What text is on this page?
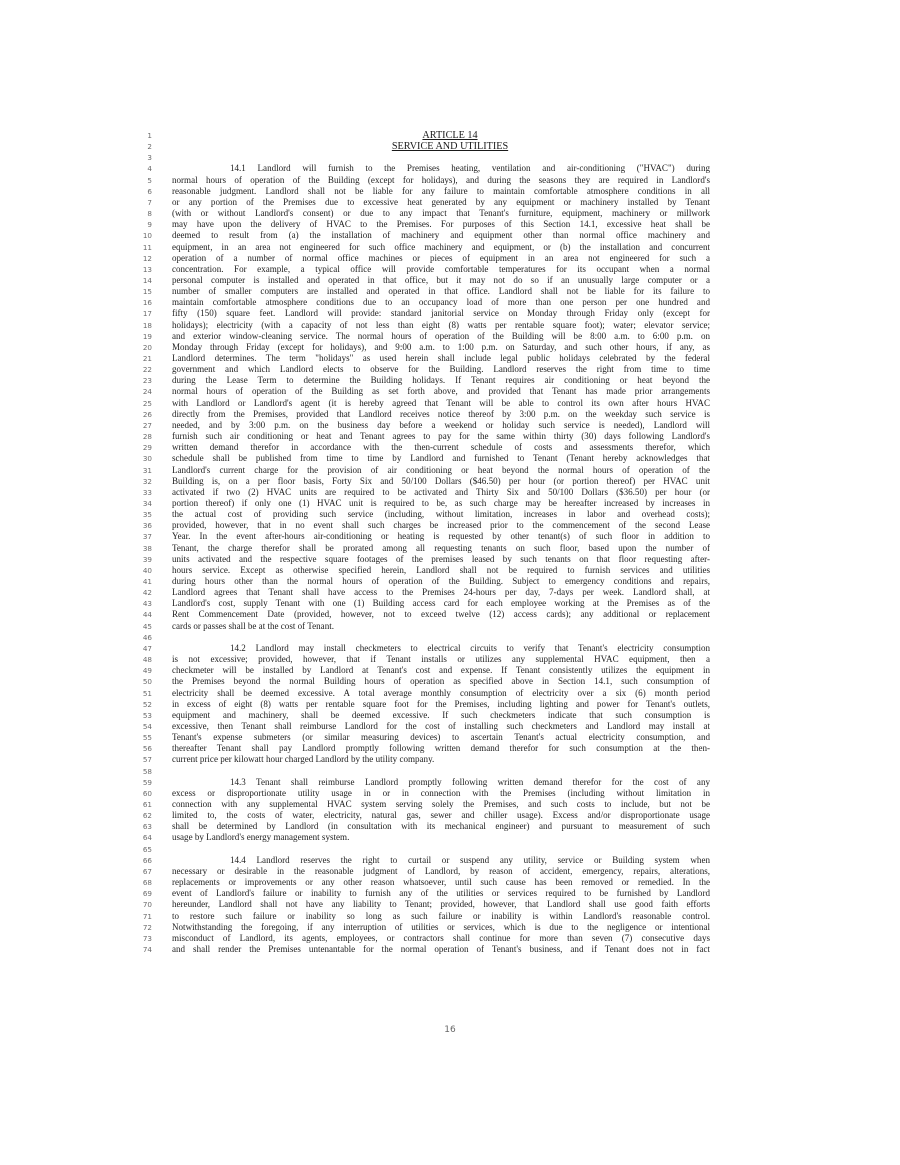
1	ARTICLE 14
2	SERVICE AND UTILITIES
3
4	14.1 Landlord will furnish to the Premises heating, ventilation and air-conditioning ("HVAC") during
5 normal hours of operation of the Building (except for holidays), and during the seasons they are required in Landlord's
6 reasonable judgment. Landlord shall not be liable for any failure to maintain comfortable atmosphere conditions in all
7 or any portion of the Premises due to excessive heat generated by any equipment or machinery installed by Tenant
8 (with or without Landlord's consent) or due to any impact that Tenant's furniture, equipment, machinery or millwork
9 may have upon the delivery of HVAC to the Premises. For purposes of this Section 14.1, excessive heat shall be
10 deemed to result from (a) the installation of machinery and equipment other than normal office machinery and
11 equipment, in an area not engineered for such office machinery and equipment, or (b) the installation and concurrent
12 operation of a number of normal office machines or pieces of equipment in an area not engineered for such a
13 concentration. For example, a typical office will provide comfortable temperatures for its occupant when a normal
14 personal computer is installed and operated in that office, but it may not do so if an unusually large computer or a
15 number of smaller computers are installed and operated in that office. Landlord shall not be liable for its failure to
16 maintain comfortable atmosphere conditions due to an occupancy load of more than one person per one hundred and
17 fifty (150) square feet. Landlord will provide: standard janitorial service on Monday through Friday only (except for
18 holidays); electricity (with a capacity of not less than eight (8) watts per rentable square foot); water; elevator service;
19 and exterior window-cleaning service. The normal hours of operation of the Building will be 8:00 a.m. to 6:00 p.m. on
20 Monday through Friday (except for holidays), and 9:00 a.m. to 1:00 p.m. on Saturday, and such other hours, if any, as
21 Landlord determines. The term "holidays" as used herein shall include legal public holidays celebrated by the federal
22 government and which Landlord elects to observe for the Building. Landlord reserves the right from time to time
23 during the Lease Term to determine the Building holidays. If Tenant requires air conditioning or heat beyond the
24 normal hours of operation of the Building as set forth above, and provided that Tenant has made prior arrangements
25 with Landlord or Landlord's agent (it is hereby agreed that Tenant will be able to control its own after hours HVAC
26 directly from the Premises, provided that Landlord receives notice thereof by 3:00 p.m. on the weekday such service is
27 needed, and by 3:00 p.m. on the business day before a weekend or holiday such service is needed), Landlord will
28 furnish such air conditioning or heat and Tenant agrees to pay for the same within thirty (30) days following Landlord's
29 written demand therefor in accordance with the then-current schedule of costs and assessments therefor, which
30 schedule shall be published from time to time by Landlord and furnished to Tenant (Tenant hereby acknowledges that
31 Landlord's current charge for the provision of air conditioning or heat beyond the normal hours of operation of the
32 Building is, on a per floor basis, Forty Six and 50/100 Dollars ($46.50) per hour (or portion thereof) per HVAC unit
33 activated if two (2) HVAC units are required to be activated and Thirty Six and 50/100 Dollars ($36.50) per hour (or
34 portion thereof) if only one (1) HVAC unit is required to be, as such charge may be hereafter increased by increases in
35 the actual cost of providing such service (including, without limitation, increases in labor and overhead costs);
36 provided, however, that in no event shall such charges be increased prior to the commencement of the second Lease
37 Year. In the event after-hours air-conditioning or heating is requested by other tenant(s) of such floor in addition to
38 Tenant, the charge therefor shall be prorated among all requesting tenants on such floor, based upon the number of
39 units activated and the respective square footages of the premises leased by such tenants on that floor requesting after-
40 hours service. Except as otherwise specified herein, Landlord shall not be required to furnish services and utilities
41 during hours other than the normal hours of operation of the Building. Subject to emergency conditions and repairs,
42 Landlord agrees that Tenant shall have access to the Premises 24-hours per day, 7-days per week. Landlord shall, at
43 Landlord's cost, supply Tenant with one (1) Building access card for each employee working at the Premises as of the
44 Rent Commencement Date (provided, however, not to exceed twelve (12) access cards); any additional or replacement
45 cards or passes shall be at the cost of Tenant.
46
47	14.2 Landlord may install checkmeters to electrical circuits to verify that Tenant's electricity consumption
48 is not excessive; provided, however, that if Tenant installs or utilizes any supplemental HVAC equipment, then a
49 checkmeter will be installed by Landlord at Tenant's cost and expense. If Tenant consistently utilizes the equipment in
50 the Premises beyond the normal Building hours of operation as specified above in Section 14.1, such consumption of
51 electricity shall be deemed excessive. A total average monthly consumption of electricity over a six (6) month period
52 in excess of eight (8) watts per rentable square foot for the Premises, including lighting and power for Tenant's outlets,
53 equipment and machinery, shall be deemed excessive. If such checkmeters indicate that such consumption is
54 excessive, then Tenant shall reimburse Landlord for the cost of installing such checkmeters and Landlord may install at
55 Tenant's expense submeters (or similar measuring devices) to ascertain Tenant's actual electricity consumption, and
56 thereafter Tenant shall pay Landlord promptly following written demand therefor for such consumption at the then-
57 current price per kilowatt hour charged Landlord by the utility company.
58
59	14.3 Tenant shall reimburse Landlord promptly following written demand therefor for the cost of any
60 excess or disproportionate utility usage in or in connection with the Premises (including without limitation in
61 connection with any supplemental HVAC system serving solely the Premises, and such costs to include, but not be
62 limited to, the costs of water, electricity, natural gas, sewer and chiller usage). Excess and/or disproportionate usage
63 shall be determined by Landlord (in consultation with its mechanical engineer) and pursuant to measurement of such
64 usage by Landlord's energy management system.
65
66	14.4 Landlord reserves the right to curtail or suspend any utility, service or Building system when
67 necessary or desirable in the reasonable judgment of Landlord, by reason of accident, emergency, repairs, alterations,
68 replacements or improvements or any other reason whatsoever, until such cause has been removed or remedied. In the
69 event of Landlord's failure or inability to furnish any of the utilities or services required to be furnished by Landlord
70 hereunder, Landlord shall not have any liability to Tenant; provided, however, that Landlord shall use good faith efforts
71 to restore such failure or inability so long as such failure or inability is within Landlord's reasonable control.
72 Notwithstanding the foregoing, if any interruption of utilities or services, which is due to the negligence or intentional
73 misconduct of Landlord, its agents, employees, or contractors shall continue for more than seven (7) consecutive days
74 and shall render the Premises untenantable for the normal operation of Tenant's business, and if Tenant does not in fact
16
